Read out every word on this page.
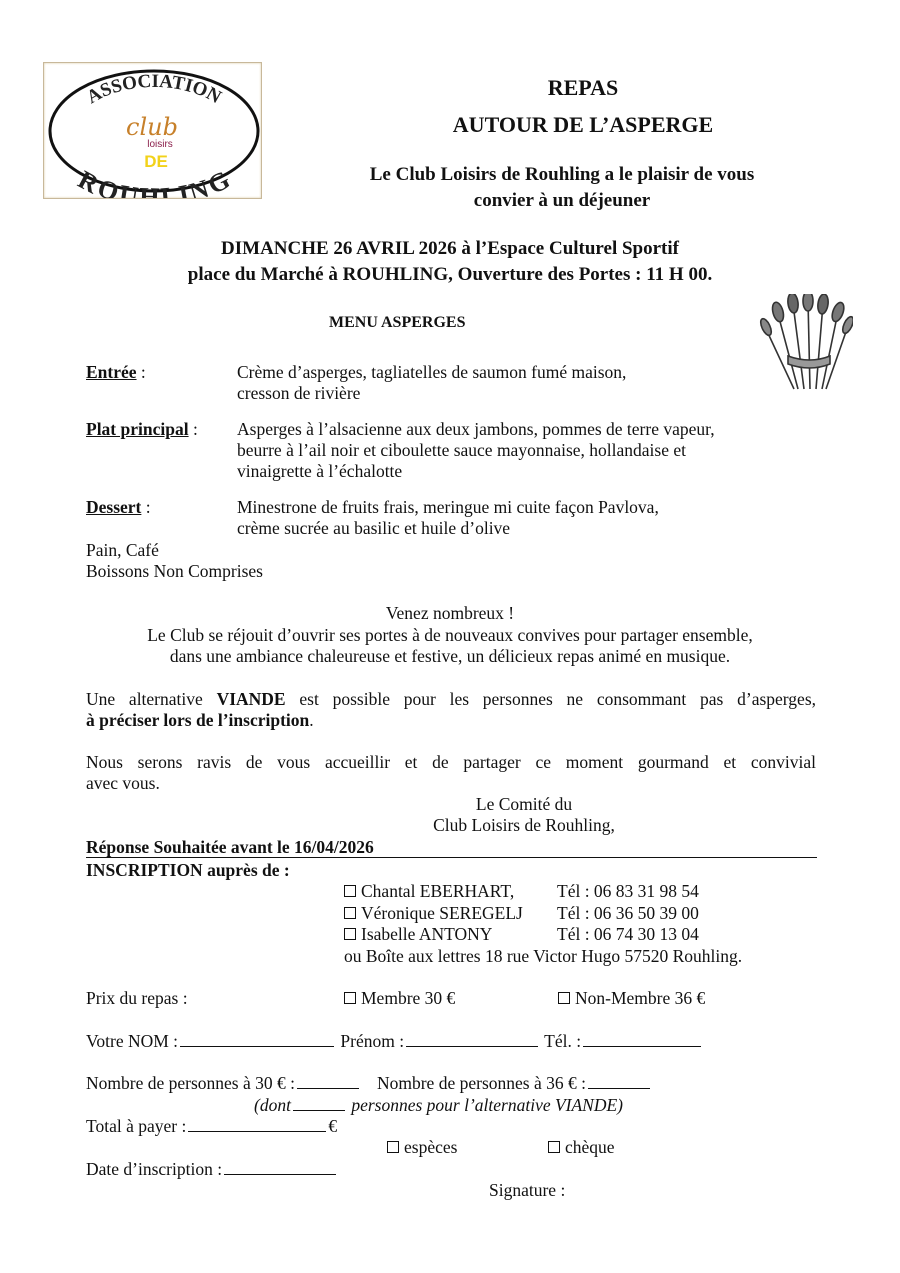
ASSOCIATION
ROUHLING
club
loisirs
DE
REPAS
AUTOUR DE L’ASPERGE
Le Club Loisirs de Rouhling a le plaisir de vous
convier à un déjeuner
DIMANCHE 26 AVRIL 2026 à l’Espace Culturel Sportif
place du Marché à ROUHLING, Ouverture des Portes : 11 H 00.
MENU ASPERGES
Entrée :	Crème d’asperges, tagliatelles de saumon fumé maison,
cresson de rivière
Plat principal : Asperges à l’alsacienne aux deux jambons, pommes de terre vapeur,
beurre à l’ail noir et ciboulette sauce mayonnaise, hollandaise et
vinaigrette à l’échalotte
Dessert :	Minestrone de fruits frais, meringue mi cuite façon Pavlova,
crème sucrée au basilic et huile d’olive
Pain, Café
Boissons Non Comprises
Venez nombreux !
Le Club se réjouit d’ouvrir ses portes à de nouveaux convives pour partager ensemble,
dans une ambiance chaleureuse et festive, un délicieux repas animé en musique.
Une alternative VIANDE est possible pour les personnes ne consommant pas d’asperges,
à préciser lors de l’inscription.
Nous serons ravis de vous accueillir et de partager ce moment gourmand et convivial
avec vous.
Le Comité du
Club Loisirs de Rouhling,
Réponse Souhaitée avant le 16/04/2026
INSCRIPTION auprès de :
Chantal EBERHART, Tél : 06 83 31 98 54
Véronique SEREGELJ Tél : 06 36 50 39 00
Isabelle ANTONY	Tél : 06 74 30 13 04
ou Boîte aux lettres 18 rue Victor Hugo 57520 Rouhling.
Prix du repas :	Membre 30 €	Non-Membre 36 €
Votre NOM :	Prénom :	Tél. :
Nombre de personnes à 30 € :	Nombre de personnes à 36 € :
(dont	personnes pour l’alternative VIANDE)
Total à payer :	€
espèces	chèque
Date d’inscription :
Signature :
